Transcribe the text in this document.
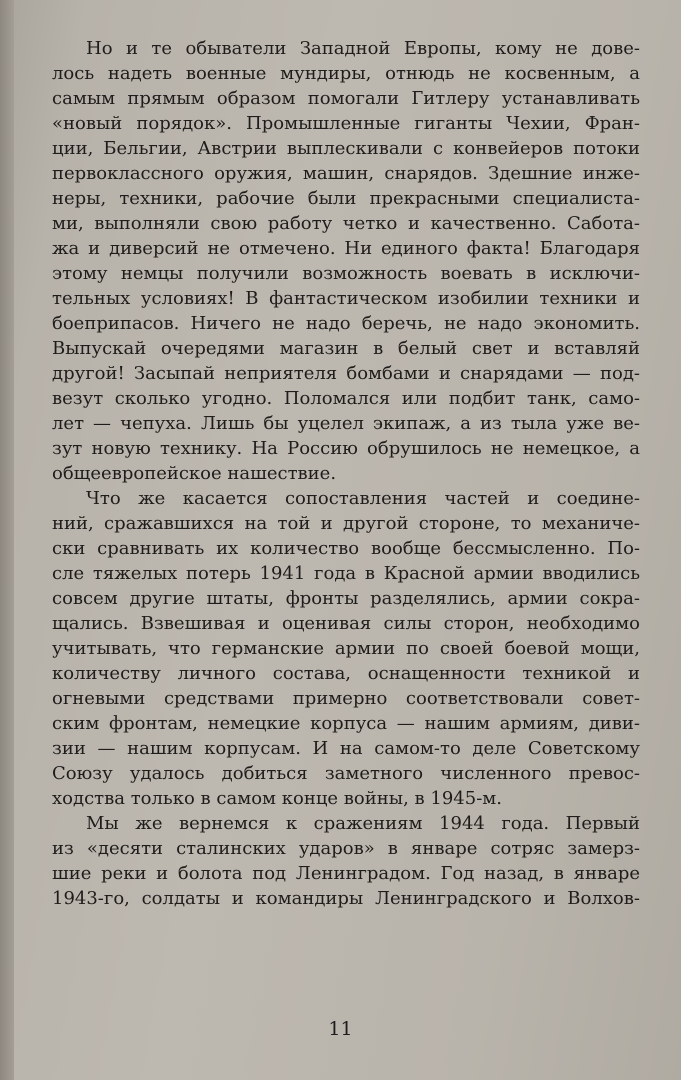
Но и те обыватели Западной Европы, кому не дове-
лось надеть военные мундиры, отнюдь не косвенным, а
самым прямым образом помогали Гитлеру устанавливать
«новый порядок». Промышленные гиганты Чехии, Фран-
ции, Бельгии, Австрии выплескивали с конвейеров потоки
первоклассного оружия, машин, снарядов. Здешние инже-
неры, техники, рабочие были прекрасными специалиста-
ми, выполняли свою работу четко и качественно. Саботa-
жа и диверсий не отмечено. Ни единого факта! Благодаря
этому немцы получили возможность воевать в исключи-
тельных условиях! В фантастическом изобилии техники и
боеприпасов. Ничего не надо беречь, не надо экономить.
Выпускай очередями магазин в белый свет и вставляй
другой! Засыпай неприятеля бомбами и снарядами — под-
везут сколько угодно. Поломался или подбит танк, само-
лет — чепуха. Лишь бы уцелел экипаж, а из тыла уже ве-
зут новую технику. На Россию обрушилось не немецкое, а
общеевропейское нашествие.
Что же касается сопоставления частей и соедине-
ний, сражавшихся на той и другой стороне, то механиче-
ски сравнивать их количество вообще бессмысленно. По-
сле тяжелых потерь 1941 года в Красной армии вводились
совсем другие штаты, фронты разделялись, армии сокра-
щались. Взвешивая и оценивая силы сторон, необходимо
учитывать, что германские армии по своей боевой мощи,
количеству личного состава, оснащенности техникой и
огневыми средствами примерно соответствовали совет-
ским фронтам, немецкие корпуса — нашим армиям, диви-
зии — нашим корпусам. И на самом-то деле Советскому
Союзу удалось добиться заметного численного превос-
ходства только в самом конце войны, в 1945-м.
Мы же вернемся к сражениям 1944 года. Первый
из «десяти сталинских ударов» в январе сотряс замерз-
шие реки и болота под Ленинградом. Год назад, в январе
1943-го, солдаты и командиры Ленинградского и Волхов-
11
